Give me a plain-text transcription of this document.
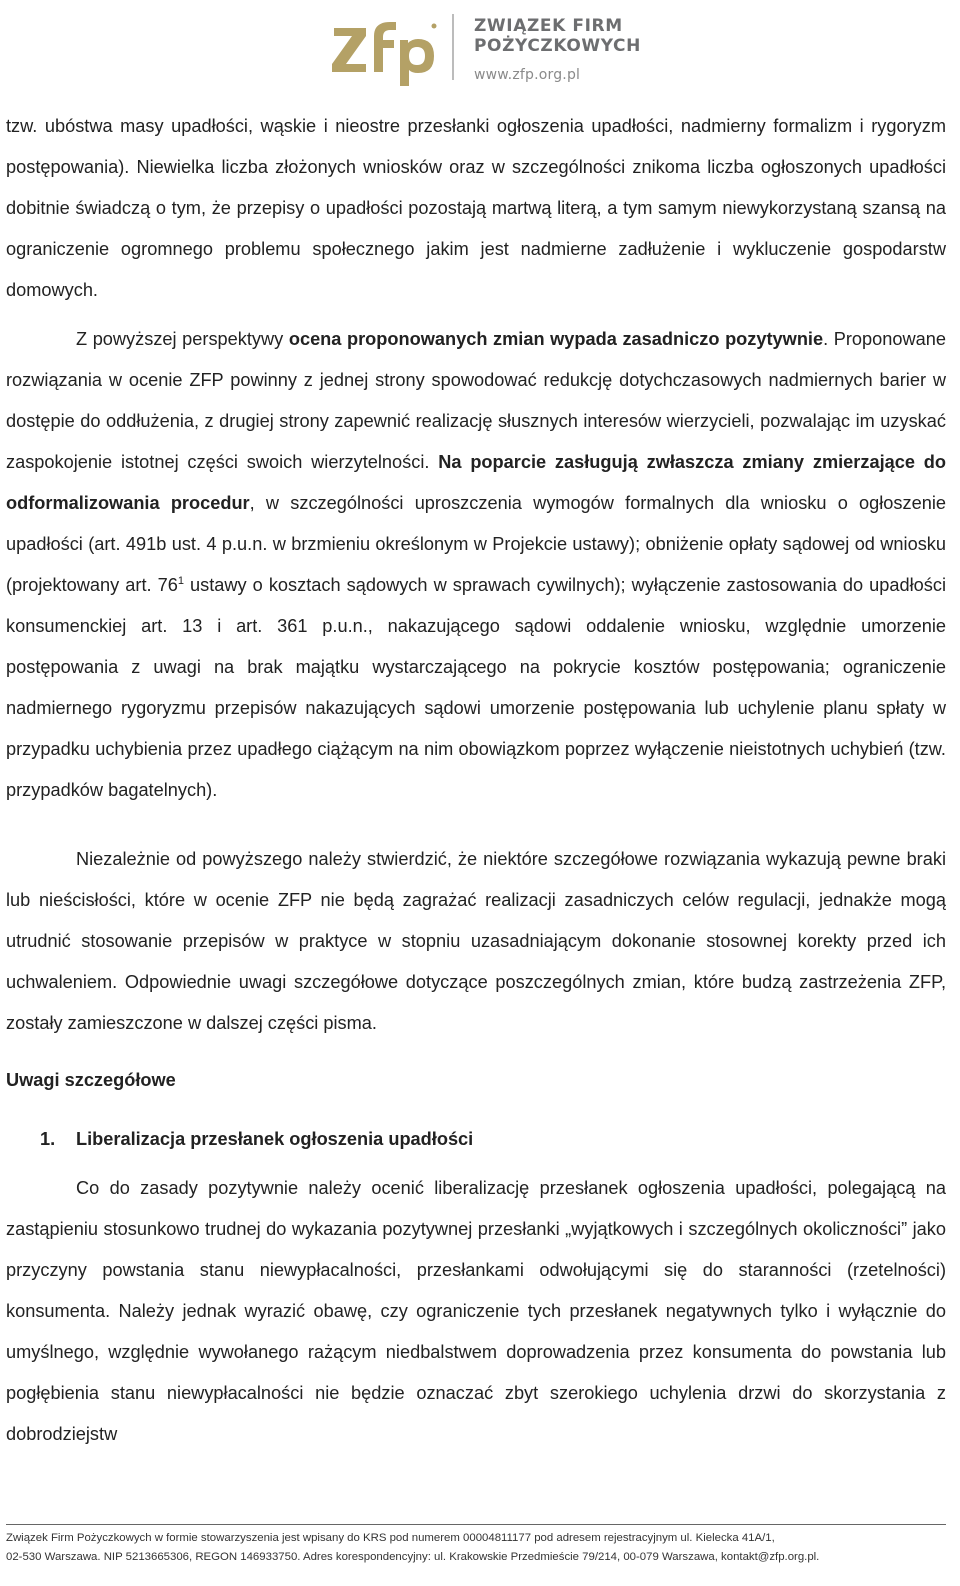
ZWIĄZEK FIRM
POŻYCZKOWYCH
www.zfp.org.pl

tzw. ubóstwa masy upadłości, wąskie i nieostre przesłanki ogłoszenia upadłości, nadmierny formalizm i rygoryzm postępowania). Niewielka liczba złożonych wniosków oraz w szczególności znikoma liczba ogłoszonych upadłości dobitnie świadczą o tym, że przepisy o upadłości pozostają martwą literą, a tym samym niewykorzystaną szansą na ograniczenie ogromnego problemu społecznego jakim jest nadmierne zadłużenie i wykluczenie gospodarstw domowych.

Z powyższej perspektywy ocena proponowanych zmian wypada zasadniczo pozytywnie. Proponowane rozwiązania w ocenie ZFP powinny z jednej strony spowodować redukcję dotychczasowych nadmiernych barier w dostępie do oddłużenia, z drugiej strony zapewnić realizację słusznych interesów wierzycieli, pozwalając im uzyskać zaspokojenie istotnej części swoich wierzytelności. Na poparcie zasługują zwłaszcza zmiany zmierzające do odformalizowania procedur, w szczególności uproszczenia wymogów formalnych dla wniosku o ogłoszenie upadłości (art. 491b ust. 4 p.u.n. w brzmieniu określonym w Projekcie ustawy); obniżenie opłaty sądowej od wniosku (projektowany art. $76^1$ ustawy o kosztach sądowych w sprawach cywilnych); wyłączenie zastosowania do upadłości konsumenckiej art. 13 i art. 361 p.u.n., nakazującego sądowi oddalenie wniosku, względnie umorzenie postępowania z uwagi na brak majątku wystarczającego na pokrycie kosztów postępowania; ograniczenie nadmiernego rygoryzmu przepisów nakazujących sądowi umorzenie postępowania lub uchylenie planu spłaty w przypadku uchybienia przez upadłego ciążącym na nim obowiązkom poprzez wyłączenie nieistotnych uchybień (tzw. przypadków bagatelnych).

Niezależnie od powyższego należy stwierdzić, że niektóre szczegółowe rozwiązania wykazują pewne braki lub nieścisłości, które w ocenie ZFP nie będą zagrażać realizacji zasadniczych celów regulacji, jednakże mogą utrudnić stosowanie przepisów w praktyce w stopniu uzasadniającym dokonanie stosownej korekty przed ich uchwaleniem. Odpowiednie uwagi szczegółowe dotyczące poszczególnych zmian, które budzą zastrzeżenia ZFP, zostały zamieszczone w dalszej części pisma.

Uwagi szczegółowe

1. Liberalizacja przesłanek ogłoszenia upadłości

Co do zasady pozytywnie należy ocenić liberalizację przesłanek ogłoszenia upadłości, polegającą na zastąpieniu stosunkowo trudnej do wykazania pozytywnej przesłanki „wyjątkowych i szczególnych okoliczności” jako przyczyny powstania stanu niewypłacalności, przesłankami odwołującymi się do staranności (rzetelności) konsumenta. Należy jednak wyrazić obawę, czy ograniczenie tych przesłanek negatywnych tylko i wyłącznie do umyślnego, względnie wywołanego rażącym niedbalstwem doprowadzenia przez konsumenta do powstania lub pogłębienia stanu niewypłacalności nie będzie oznaczać zbyt szerokiego uchylenia drzwi do skorzystania z dobrodziejstw

Związek Firm Pożyczkowych w formie stowarzyszenia jest wpisany do KRS pod numerem 00004811177 pod adresem rejestracyjnym ul. Kielecka 41A/1,

02-530 Warszawa. NIP 5213665306, REGON 146933750. Adres korespondencyjny: ul. Krakowskie Przedmieście 79/214, 00-079 Warszawa, kontakt@zfp.org.pl.
